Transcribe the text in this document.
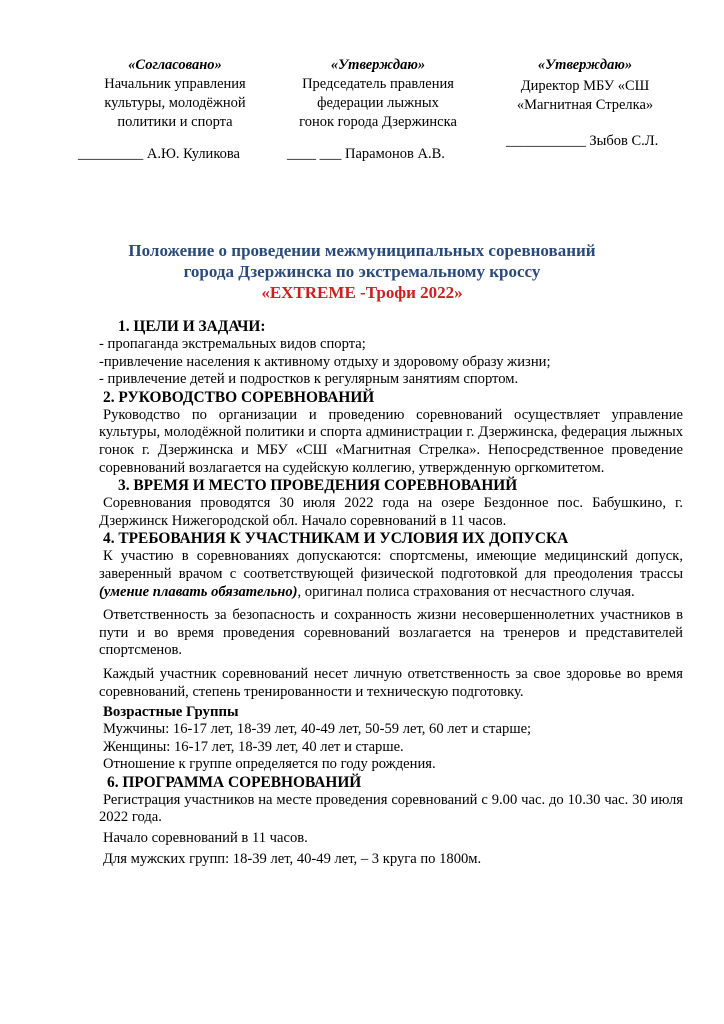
«Согласовано»
Начальник управления
культуры, молодёжной
политики и спорта
_________ А.Ю. Куликова
«Утверждаю»
Председатель правления
федерации лыжных
гонок города Дзержинска
____ ___ Парамонов А.В.
«Утверждаю»
Директор МБУ «СШ
«Магнитная Стрелка»
___________ Зыбов С.Л.
Положение о проведении межмуниципальных соревнований
города Дзержинска по экстремальному кроссу
«EXTREME -Трофи 2022»

1. ЦЕЛИ И ЗАДАЧИ:

- пропаганда экстремальных видов спорта;

-привлечение населения к активному отдыху и здоровому образу жизни;

- привлечение детей и подростков к регулярным занятиям спортом.

2. РУКОВОДСТВО СОРЕВНОВАНИЙ

Руководство по организации и проведению соревнований осуществляет управление культуры, молодёжной политики и спорта администрации г. Дзержинска, федерация лыжных гонок г. Дзержинска и МБУ «СШ «Магнитная Стрелка». Непосредственное проведение соревнований возлагается на судейскую коллегию, утвержденную оргкомитетом.

3. ВРЕМЯ И МЕСТО ПРОВЕДЕНИЯ СОРЕВНОВАНИЙ

Соревнования проводятся 30 июля 2022 года на озере Бездонное пос. Бабушкино, г. Дзержинск Нижегородской обл. Начало соревнований в 11 часов.

4. ТРЕБОВАНИЯ К УЧАСТНИКАМ И УСЛОВИЯ ИХ ДОПУСКА

К участию в соревнованиях допускаются: спортсмены, имеющие медицинский допуск, заверенный врачом с соответствующей физической подготовкой для преодоления трассы (умение плавать обязательно), оригинал полиса страхования от несчастного случая.

Ответственность за безопасность и сохранность жизни несовершеннолетних участников в пути и во время проведения соревнований возлагается на тренеров и представителей спортсменов.

Каждый участник соревнований несет личную ответственность за свое здоровье во время соревнований, степень тренированности и техническую подготовку.

Возрастные Группы

Мужчины: 16-17 лет, 18-39 лет, 40-49 лет, 50-59 лет, 60 лет и старше;

Женщины: 16-17 лет, 18-39 лет, 40 лет и старше.

Отношение к группе определяется по году рождения.

6. ПРОГРАММА СОРЕВНОВАНИЙ

Регистрация участников на месте проведения соревнований с 9.00 час. до 10.30 час. 30 июля 2022 года.

Начало соревнований в 11 часов.

Для мужских групп: 18-39 лет, 40-49 лет, – 3 круга по 1800м.
